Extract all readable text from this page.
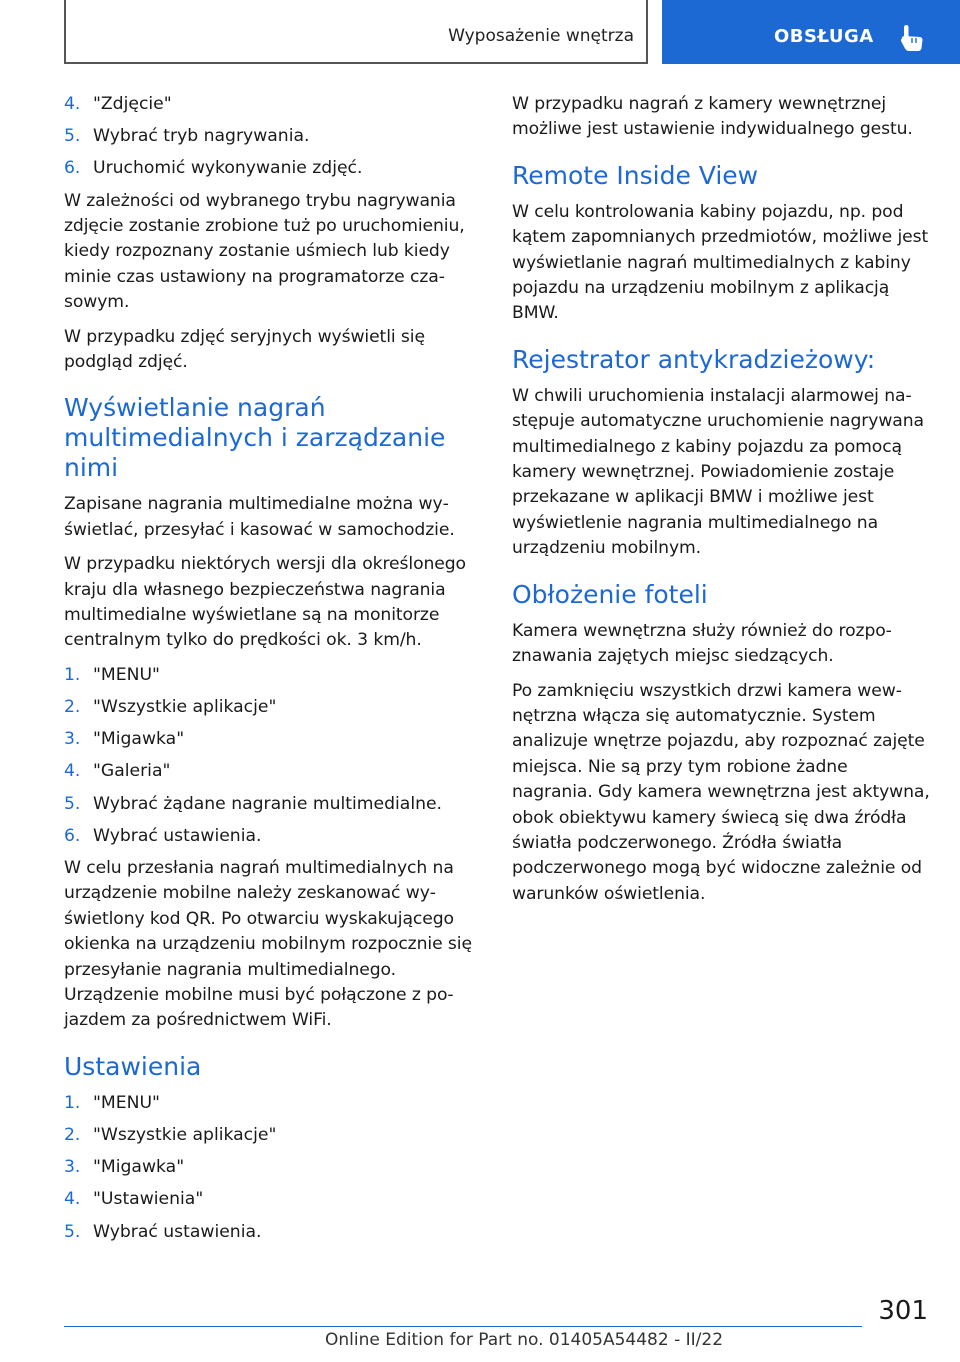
Wyposażenie wnętrza	OBSŁUGA
4. "Zdjęcie"
5. Wybrać tryb nagrywania.
6. Uruchomić wykonywanie zdjęć.

W zależności od wybranego trybu nagrywania zdjęcie zostanie zrobione tuż po uruchomieniu, kiedy rozpoznany zostanie uśmiech lub kiedy minie czas ustawiony na programatorze czasowym.

W przypadku zdjęć seryjnych wyświetli się podgląd zdjęć.

Wyświetlanie nagrań multimedialnych i zarządzanie nimi

Zapisane nagrania multimedialne można wyświetlać, przesyłać i kasować w samochodzie.

W przypadku niektórych wersji dla określonego kraju dla własnego bezpieczeństwa nagrania multimedialne wyświetlane są na monitorze centralnym tylko do prędkości ok. 3 km/h.

1. "MENU"
2. "Wszystkie aplikacje"
3. "Migawka"
4. "Galeria"
5. Wybrać żądane nagranie multimedialne.
6. Wybrać ustawienia.

W celu przesłania nagrań multimedialnych na urządzenie mobilne należy zeskanować wyświetlony kod QR. Po otwarciu wyskakującego okienka na urządzeniu mobilnym rozpocznie się przesyłanie nagrania multimedialnego. Urządzenie mobilne musi być połączone z pojazdem za pośrednictwem WiFi.

Ustawienia
1. "MENU"
2. "Wszystkie aplikacje"
3. "Migawka"
4. "Ustawienia"
5. Wybrać ustawienia.

W przypadku nagrań z kamery wewnętrznej możliwe jest ustawienie indywidualnego gestu.

Remote Inside View

W celu kontrolowania kabiny pojazdu, np. pod kątem zapomnianych przedmiotów, możliwe jest wyświetlanie nagrań multimedialnych z kabiny pojazdu na urządzeniu mobilnym z aplikacją BMW.

Rejestrator antykradzieżowy:

W chwili uruchomienia instalacji alarmowej następuje automatyczne uruchomienie nagrywana multimedialnego z kabiny pojazdu za pomocą kamery wewnętrznej. Powiadomienie zostaje przekazane w aplikacji BMW i możliwe jest wyświetlenie nagrania multimedialnego na urządzeniu mobilnym.

Obłożenie foteli

Kamera wewnętrzna służy również do rozpoznawania zajętych miejsc siedzących.

Po zamknięciu wszystkich drzwi kamera wewnętrzna włącza się automatycznie. System analizuje wnętrze pojazdu, aby rozpoznać zajęte miejsca. Nie są przy tym robione żadne nagrania. Gdy kamera wewnętrzna jest aktywna, obok obiektywu kamery świecą się dwa źródła światła podczerwonego. Źródła światła podczerwonego mogą być widoczne zależnie od warunków oświetlenia.

301
Online Edition for Part no. 01405A54482 - II/22
